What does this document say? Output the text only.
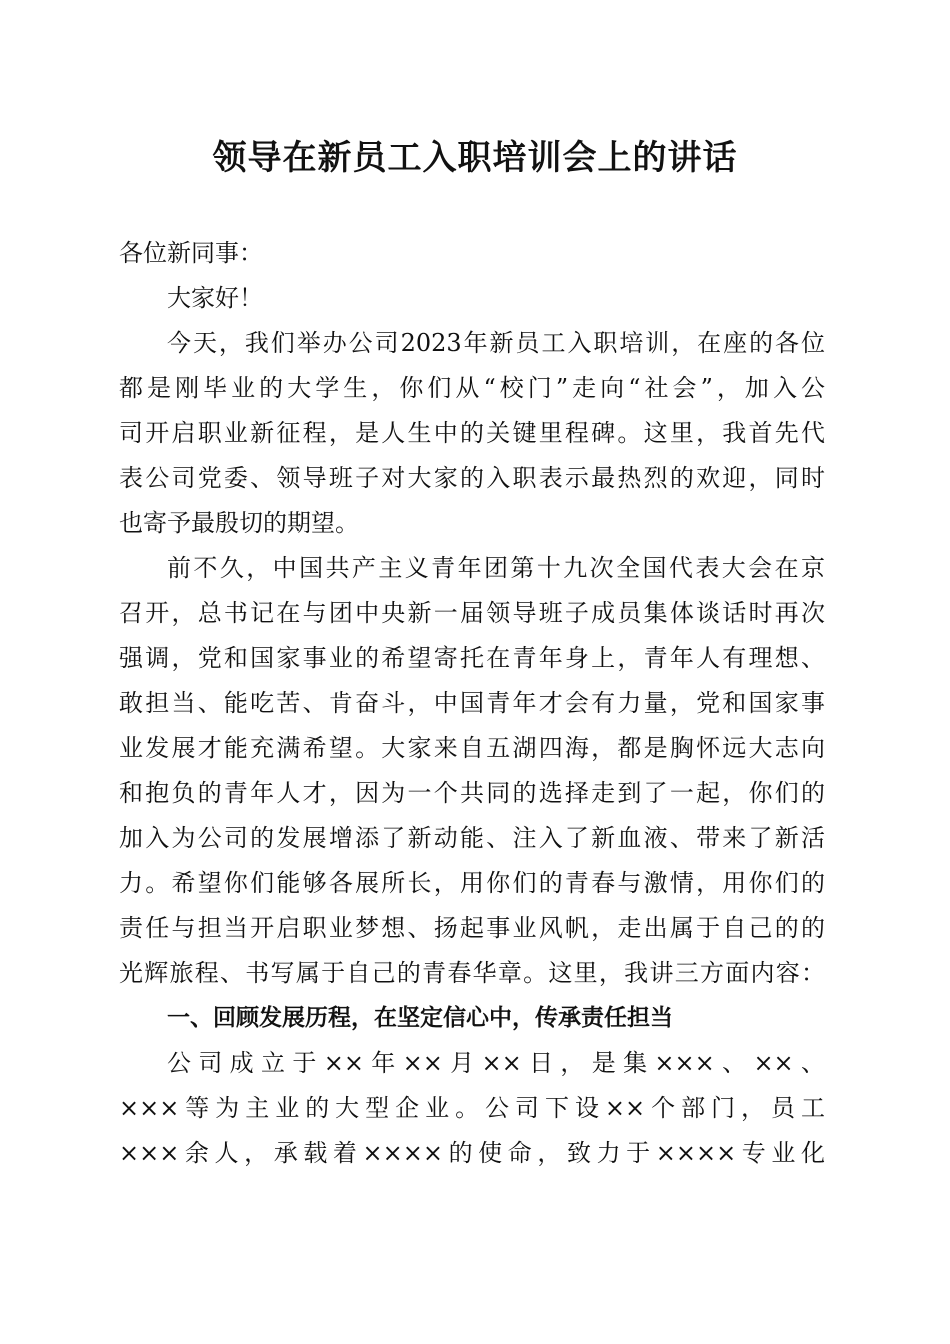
领导在新员工入职培训会上的讲话
各位新同事：
大家好！
今天，我们举办公司2023年新员工入职培训，在座的各位
都是刚毕业的大学生，你们从“校门”走向“社会”，加入公
司开启职业新征程，是人生中的关键里程碑。这里，我首先代
表公司党委、领导班子对大家的入职表示最热烈的欢迎，同时
也寄予最殷切的期望。
前不久，中国共产主义青年团第十九次全国代表大会在京
召开，总书记在与团中央新一届领导班子成员集体谈话时再次
强调，党和国家事业的希望寄托在青年身上，青年人有理想、
敢担当、能吃苦、肯奋斗，中国青年才会有力量，党和国家事
业发展才能充满希望。大家来自五湖四海，都是胸怀远大志向
和抱负的青年人才，因为一个共同的选择走到了一起，你们的
加入为公司的发展增添了新动能、注入了新血液、带来了新活
力。希望你们能够各展所长，用你们的青春与激情，用你们的
责任与担当开启职业梦想、扬起事业风帆，走出属于自己的的
光辉旅程、书写属于自己的青春华章。这里，我讲三方面内容：
一、回顾发展历程，在坚定信心中，传承责任担当
公司成立于××年××月××日，是集×××、××、
×××等为主业的大型企业。公司下设××个部门，员工
×××余人，承载着××××的使命，致力于××××专业化
